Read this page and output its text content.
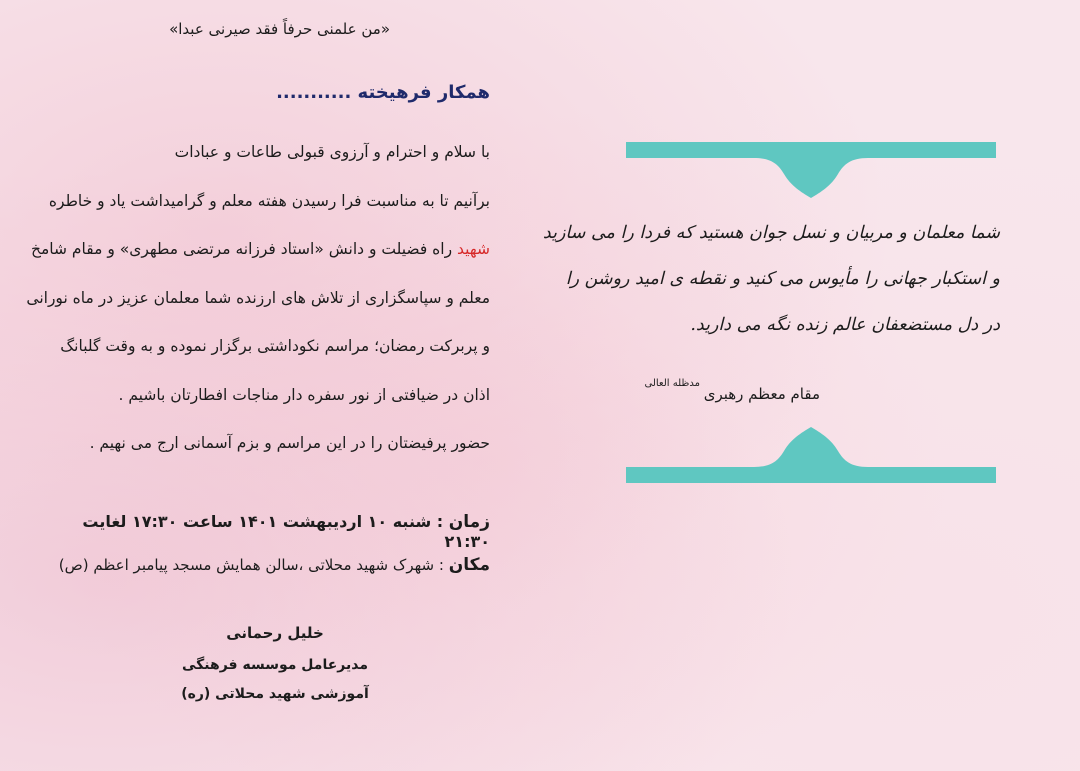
«من علمنی حرفاً فقد صیرنی عبدا»
همکار فرهیخته ...........

با سلام و احترام و آرزوی قبولی طاعات و عبادات

برآنیم تا به مناسبت فرا رسیدن هفته معلم و گرامیداشت یاد و خاطره

شهید راه فضیلت و دانش «استاد فرزانه مرتضی مطهری» و مقام شامخ

معلم و سپاسگزاری از تلاش های ارزنده شما معلمان عزیز در ماه نورانی

و پربرکت رمضان؛ مراسم نکوداشتی برگزار نموده و به وقت گلبانگ

اذان در ضیافتی از نور سفره دار مناجات افطارتان باشیم .

حضور پرفیضتان را در این مراسم و بزم آسمانی ارج می نهیم .

زمان : شنبه ۱۰ اردیبهشت ۱۴۰۱ ساعت ۱۷:۳۰ لغایت ۲۱:۳۰
مکان : شهرک شهید محلاتی ،سالن همایش مسجد پیامبر اعظم (ص)
خلیل رحمانی
مدیرعامل موسسه فرهنگی
آموزشی شهید محلاتی (ره)

شما معلمان و مربیان و نسل جوان هستید که فردا را می سازید

و استکبار جهانی را مأیوس می کنید و نقطه ی امید روشن را

در دل مستضعفان عالم زنده نگه می دارید.

مقام معظم رهبری
مدظله العالی
